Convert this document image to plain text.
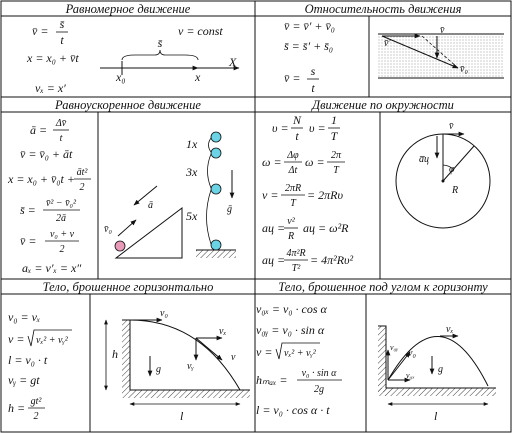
Равномерное движение	Относительность движения
Равноускоренное движение	Движение по окружности
Тело, брошенное горизонтально	Тело, брошенное под углом к горизонту
v̄ = s̄
t
x = x₀ + v̄t
vₓ = x′
v = const
X
s̄
x₀	x
v̄ = v̄′ + v̄₀
s̄ = s̄′ + s̄₀
v̄ = s
t
v̄′
v̄
v̄₀
ā = Δv̄
t
v̄ = v̄₀ + āt
x = x₀ + v̄₀t + āt²
2
s̄ = v̄² − v̄₀²
2ā
v̄ = v₀ + v
2
aₓ = v′ₓ = x″
v̄₀
ā
1x
3x
5x	ḡ
υ =
N
t
υ =
1
T
ω = Δφ
Δt
ω = 2π
T
v = 2πR
T
= 2πRυ
aц = v²
R
aц = ω²R
aц = 4π²R
T²
= 4π²Rυ²
φ
R
v̄
a̅ц
v₀ = vₓ
v = vₓ² + vᵧ²
l = v₀ · t
vᵧ = gt
h = gt²
2
v₀
vₓ
vᵧ
v
g
h
l
v₀ₓ = v₀ · cos α
v₀ᵧ = v₀ · sin α
v = vₓ² + vᵧ²
hₘₐₓ = v₀ · sin α
2g
l = v₀ · cos α · t
v₀
v₀ᵧ
v₀ₓ
vₓ
g
l
